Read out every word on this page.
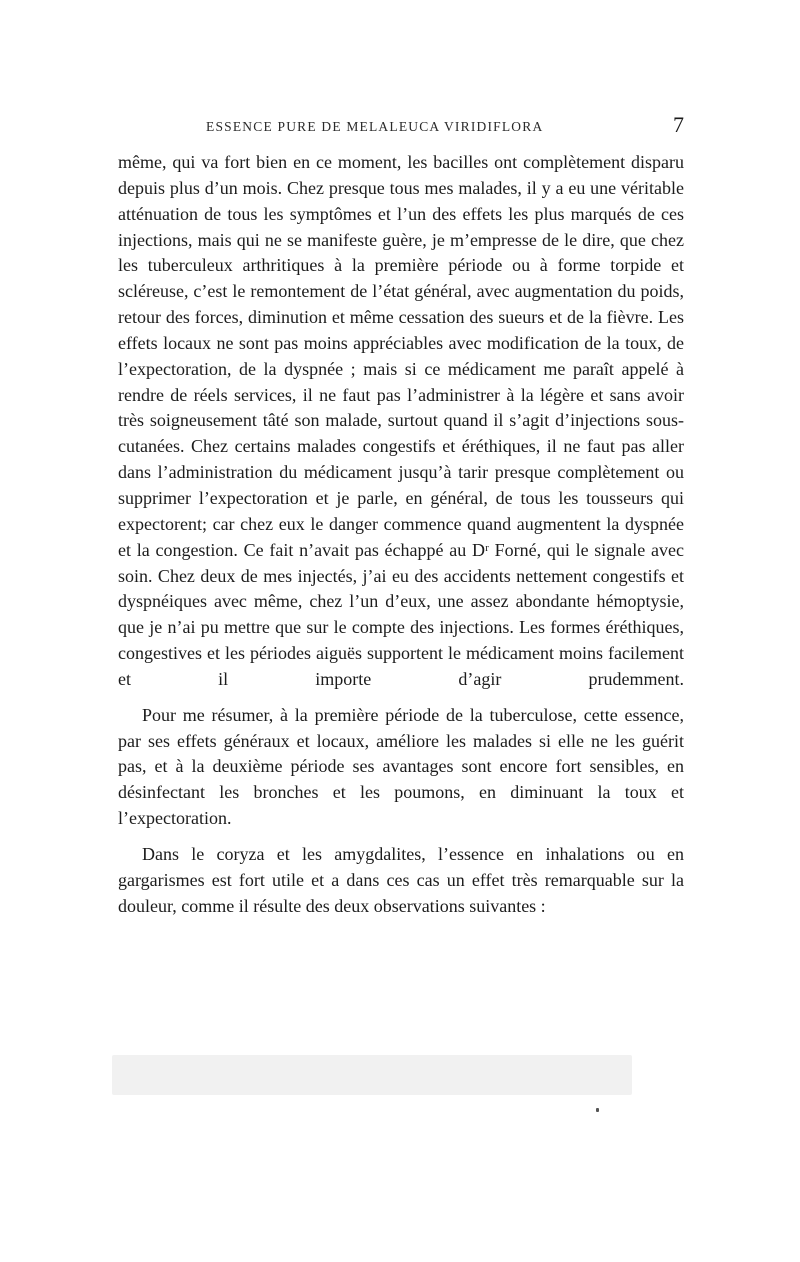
ESSENCE PURE DE MELALEUCA VIRIDIFLORA	7

même, qui va fort bien en ce moment, les bacilles ont complètement disparu depuis plus d’un mois. Chez presque tous mes malades, il y a eu une véritable atténuation de tous les symptômes et l’un des effets les plus marqués de ces injections, mais qui ne se manifeste guère, je m’empresse de le dire, que chez les tuberculeux arthritiques à la première période ou à forme torpide et scléreuse, c’est le remontement de l’état général, avec augmentation du poids, retour des forces, diminution et même cessation des sueurs et de la fièvre. Les effets locaux ne sont pas moins appréciables avec modification de la toux, de l’expectoration, de la dyspnée ; mais si ce médicament me paraît appelé à rendre de réels services, il ne faut pas l’administrer à la légère et sans avoir très soigneusement tâté son malade, surtout quand il s’agit d’injections sous-cutanées. Chez certains malades congestifs et éréthiques, il ne faut pas aller dans l’administration du médicament jusqu’à tarir presque complètement ou supprimer l’expectoration et je parle, en général, de tous les tousseurs qui expectorent; car chez eux le danger commence quand augmentent la dyspnée et la congestion. Ce fait n’avait pas échappé au Dʳ Forné, qui le signale avec soin. Chez deux de mes injectés, j’ai eu des accidents nettement congestifs et dyspnéiques avec même, chez l’un d’eux, une assez abondante hémoptysie, que je n’ai pu mettre que sur le compte des injections. Les formes éréthiques, congestives et les périodes aiguës supportent le médicament moins facilement et il importe d’agir prudemment.

Pour me résumer, à la première période de la tuberculose, cette essence, par ses effets généraux et locaux, améliore les malades si elle ne les guérit pas, et à la deuxième période ses avantages sont encore fort sensibles, en désinfectant les bronches et les poumons, en diminuant la toux et l’expectoration.

Dans le coryza et les amygdalites, l’essence en inhalations ou en gargarismes est fort utile et a dans ces cas un effet très remarquable sur la douleur, comme il résulte des deux observations suivantes :
